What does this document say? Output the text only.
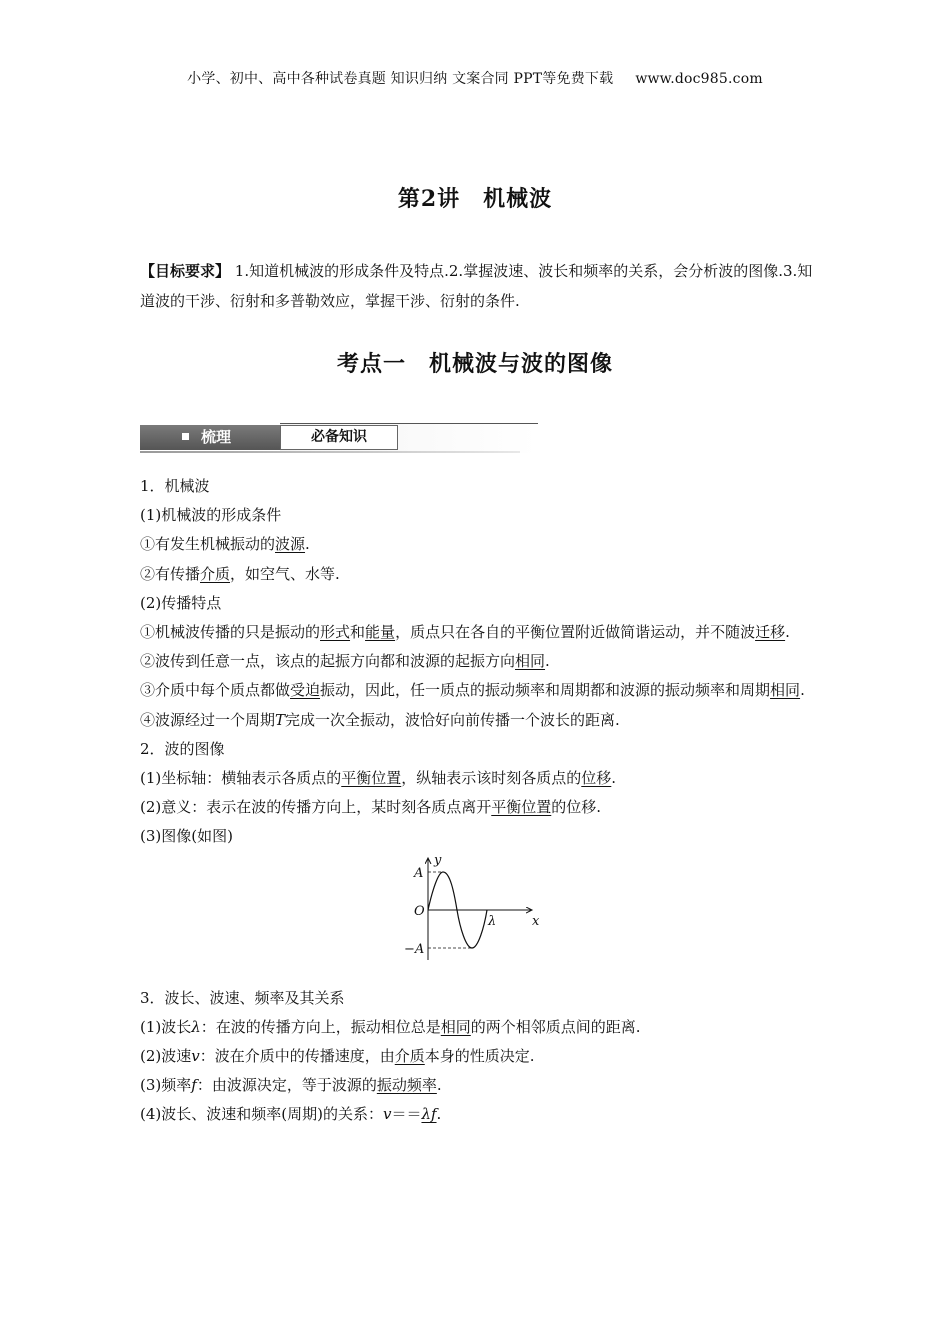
小学、初中、高中各种试卷真题 知识归纳 文案合同 PPT等免费下载 www.doc985.com
第2讲　机械波
【目标要求】 1.知道机械波的形成条件及特点.2.掌握波速、波长和频率的关系，会分析波的图像.3.知道波的干涉、衍射和多普勒效应，掌握干涉、衍射的条件.
考点一　机械波与波的图像
梳理	必备知识

1．机械波

(1)机械波的形成条件

①有发生机械振动的波源.

②有传播介质，如空气、水等.

(2)传播特点

①机械波传播的只是振动的形式和能量，质点只在各自的平衡位置附近做简谐运动，并不随波迁移.

②波传到任意一点，该点的起振方向都和波源的起振方向相同.

③介质中每个质点都做受迫振动，因此，任一质点的振动频率和周期都和波源的振动频率和周期相同.

④波源经过一个周期T完成一次全振动，波恰好向前传播一个波长的距离.

2．波的图像

(1)坐标轴：横轴表示各质点的平衡位置，纵轴表示该时刻各质点的位移.

(2)意义：表示在波的传播方向上，某时刻各质点离开平衡位置的位移.

(3)图像(如图)

y
A
O
−A
λ	x

3．波长、波速、频率及其关系

(1)波长λ：在波的传播方向上，振动相位总是相同的两个相邻质点间的距离.

(2)波速v：波在介质中的传播速度，由介质本身的性质决定.

(3)频率f：由波源决定，等于波源的振动频率.

(4)波长、波速和频率(周期)的关系：v＝＝λf.
